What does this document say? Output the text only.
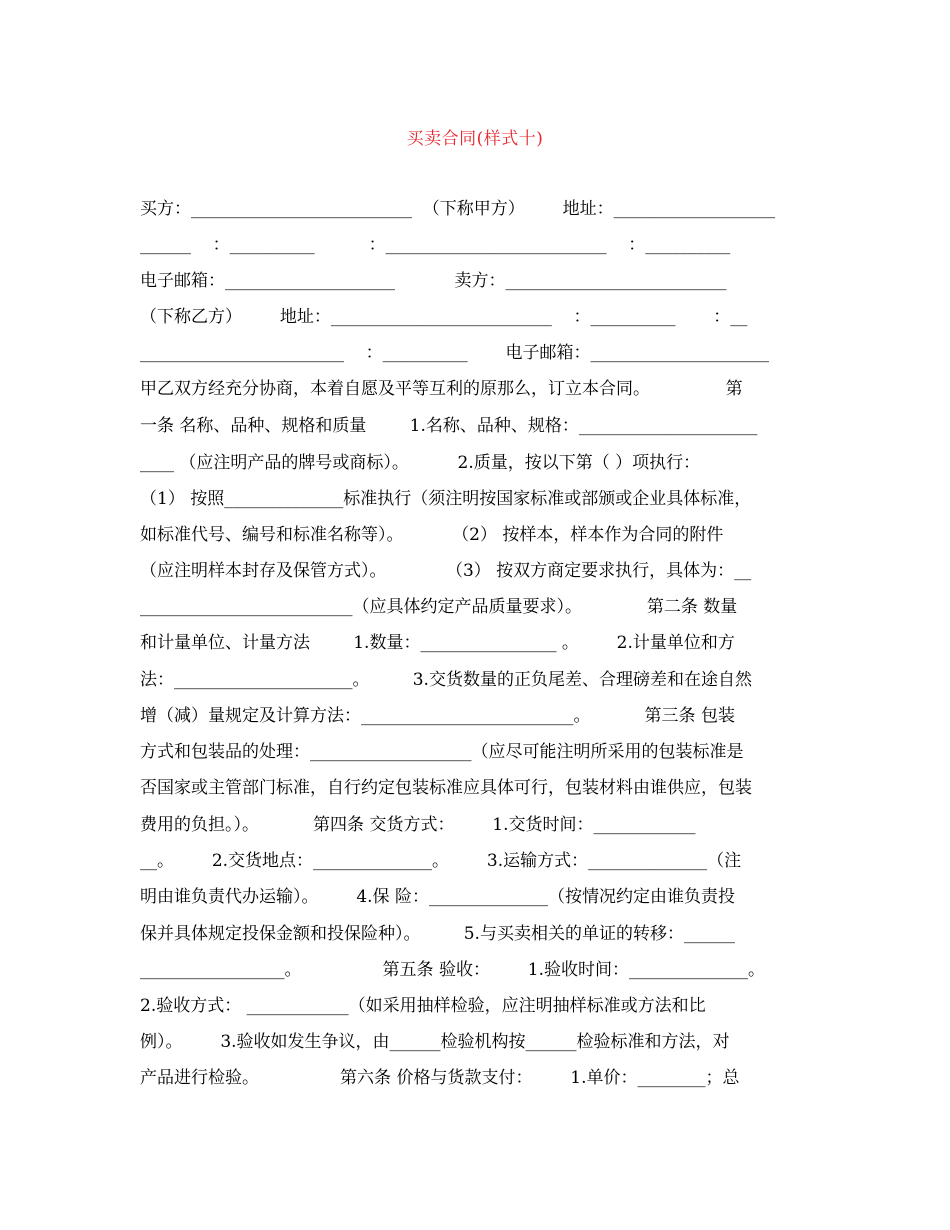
买卖合同(样式十)
买方：__________________________  （下称甲方）       地址：___________________
______    ：__________          ：__________________________    ：__________
电子邮箱：____________________           卖方：__________________________
（下称乙方）       地址：__________________________    ：__________       ：__
________________________    ：__________       电子邮箱：_____________________
甲乙双方经充分协商，本着自愿及平等互利的原那么，订立本合同。              第
一条 名称、品种、规格和质量        1.名称、品种、规格：_____________________
____ （应注明产品的牌号或商标）。         2.质量，按以下第（ ）项执行：
（1） 按照______________标准执行（须注明按国家标准或部颁或企业具体标准，
如标准代号、编号和标准名称等）。         （2） 按样本，样本作为合同的附件
（应注明样本封存及保管方式）。           （3） 按双方商定要求执行，具体为：__
_________________________（应具体约定产品质量要求）。            第二条 数量
和计量单位、计量方法        1.数量：________________ 。       2.计量单位和方
法：_____________________。        3.交货数量的正负尾差、合理磅差和在途自然
增（减）量规定及计算方法：_________________________。          第三条 包装
方式和包装品的处理：___________________（应尽可能注明所采用的包装标准是
否国家或主管部门标准，自行约定包装标准应具体可行，包装材料由谁供应，包装
费用的负担。）。          第四条 交货方式：       1.交货时间：____________
__。       2.交货地点：______________。       3.运输方式：______________（注
明由谁负责代办运输）。       4.保 险：______________（按情况约定由谁负责投
保并具体规定投保金额和投保险种）。        5.与买卖相关的单证的转移：______
_________________。               第五条 验收：       1.验收时间：______________。
2.验收方式： ____________（如采用抽样检验，应注明抽样标准或方法和比
例）。       3.验收如发生争议，由______检验机构按______检验标准和方法，对
产品进行检验。               第六条 价格与货款支付：       1.单价：________；总
